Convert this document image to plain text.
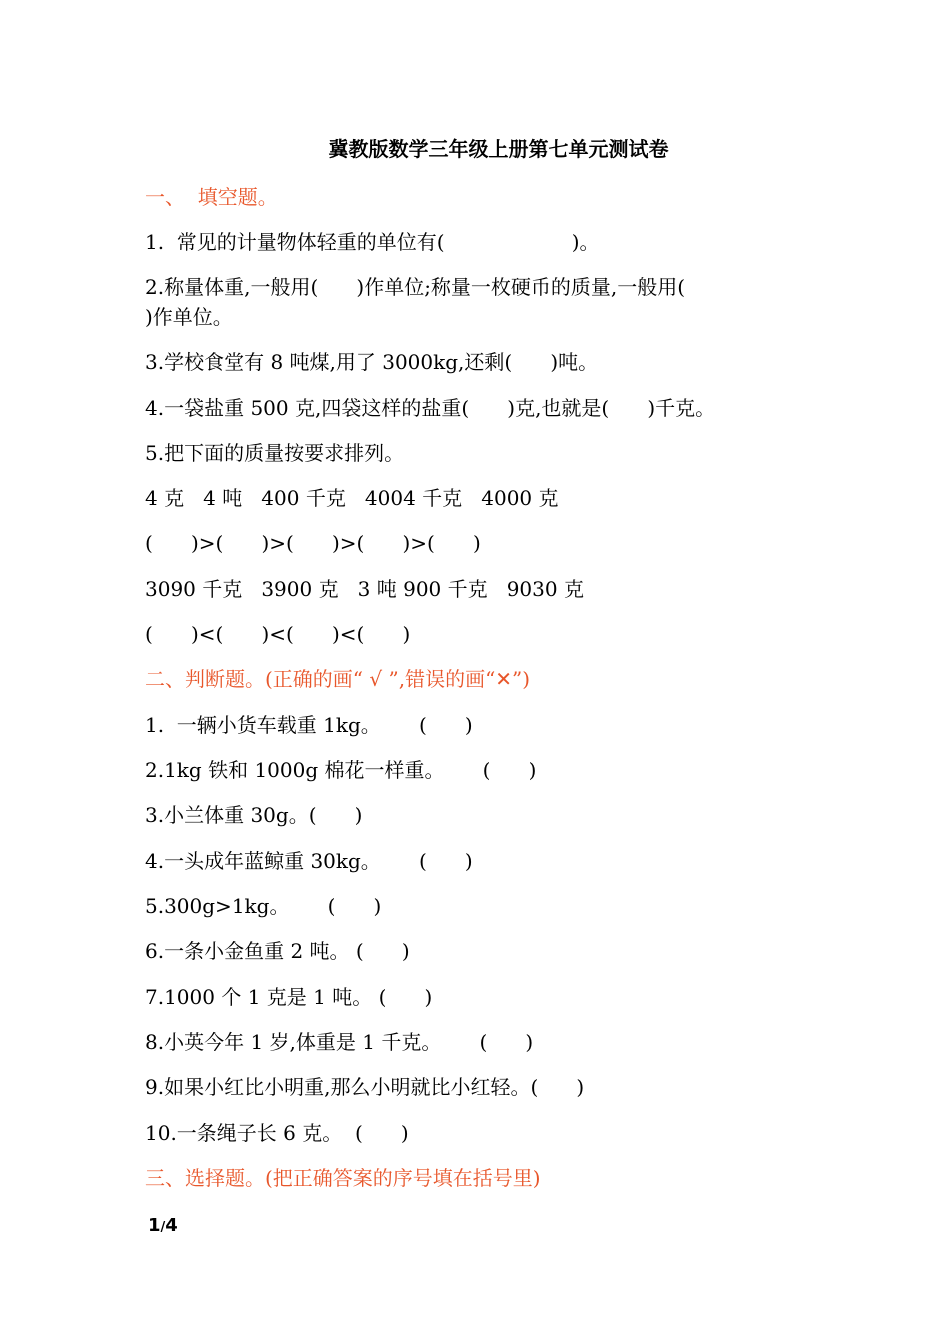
冀教版数学三年级上册第七单元测试卷
一、  填空题。
1.  常见的计量物体轻重的单位有(                    )。
2.称量体重,一般用(      )作单位;称量一枚硬币的质量,一般用(
)作单位。
3.学校食堂有 8 吨煤,用了 3000kg,还剩(      )吨。
4.一袋盐重 500 克,四袋这样的盐重(      )克,也就是(      )千克。
5.把下面的质量按要求排列。
4 克   4 吨   400 千克   4004 千克   4000 克
(      )>(      )>(      )>(      )>(      )
3090 千克   3900 克   3 吨 900 千克   9030 克
(      )<(      )<(      )<(      )
二、判断题。(正确的画“ √ ”,错误的画“✕”)
1.  一辆小货车载重 1kg。      (      )
2.1kg 铁和 1000g 棉花一样重。      (      )
3.小兰体重 30g。(      )
4.一头成年蓝鲸重 30kg。      (      )
5.300g>1kg。      (      )
6.一条小金鱼重 2 吨。 (      )
7.1000 个 1 克是 1 吨。 (      )
8.小英今年 1 岁,体重是 1 千克。      (      )
9.如果小红比小明重,那么小明就比小红轻。(      )
10.一条绳子长 6 克。  (      )
三、选择题。(把正确答案的序号填在括号里)
1/4
